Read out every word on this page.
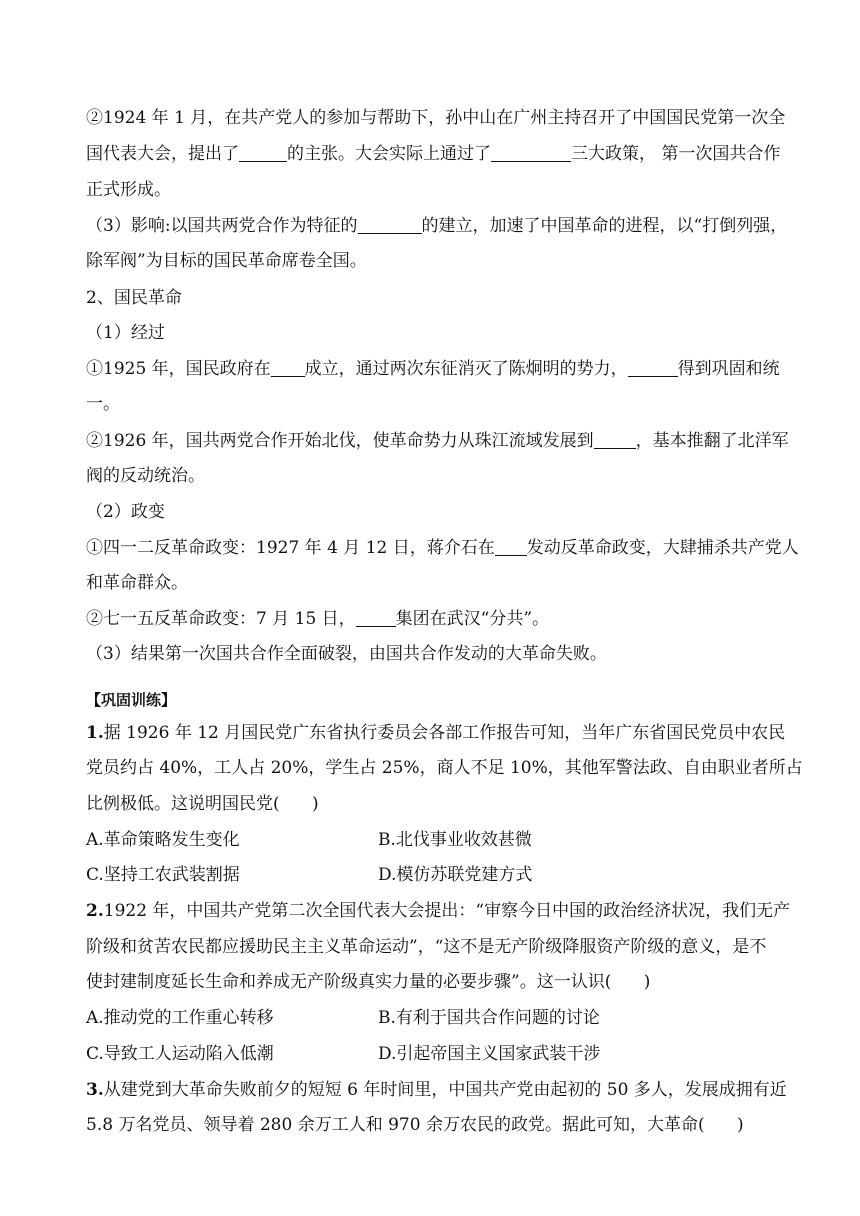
②1924 年 1 月，在共产党人的参加与帮助下，孙中山在广州主持召开了中国国民党第一次全
国代表大会，提出了	的主张。大会实际上通过了	三大政策， 第一次国共合作
正式形成。
（3）影响:以国共两党合作为特征的	的建立，加速了中国革命的进程，以“打倒列强，
除军阀”为目标的国民革命席卷全国。
2、国民革命
（1）经过
①1925 年，国民政府在 成立，通过两次东征消灭了陈炯明的势力，	得到巩固和统
一。
②1926 年，国共两党合作开始北伐，使革命势力从珠江流域发展到 ，基本推翻了北洋军
阀的反动统治。
（2）政变
①四一二反革命政变：1927 年 4 月 12 日，蒋介石在 发动反革命政变，大肆捕杀共产党人
和革命群众。
②七一五反革命政变：7 月 15 日， 集团在武汉“分共”。
（3）结果第一次国共合作全面破裂，由国共合作发动的大革命失败。
【巩固训练】
1.据 1926 年 12 月国民党广东省执行委员会各部工作报告可知，当年广东省国民党员中农民
党员约占 40%，工人占 20%，学生占 25%，商人不足 10%，其他军警法政、自由职业者所占
比例极低。这说明国民党(      )
A.革命策略发生变化	B.北伐事业收效甚微
C.坚持工农武装割据	D.模仿苏联党建方式
2.1922 年，中国共产党第二次全国代表大会提出：“审察今日中国的政治经济状况，我们无产
阶级和贫苦农民都应援助民主主义革命运动”，“这不是无产阶级降服资产阶级的意义，是不
使封建制度延长生命和养成无产阶级真实力量的必要步骤”。这一认识(      )
A.推动党的工作重心转移	B.有利于国共合作问题的讨论
C.导致工人运动陷入低潮	D.引起帝国主义国家武装干涉
3.从建党到大革命失败前夕的短短 6 年时间里，中国共产党由起初的 50 多人，发展成拥有近
5.8 万名党员、领导着 280 余万工人和 970 余万农民的政党。据此可知，大革命(      )
